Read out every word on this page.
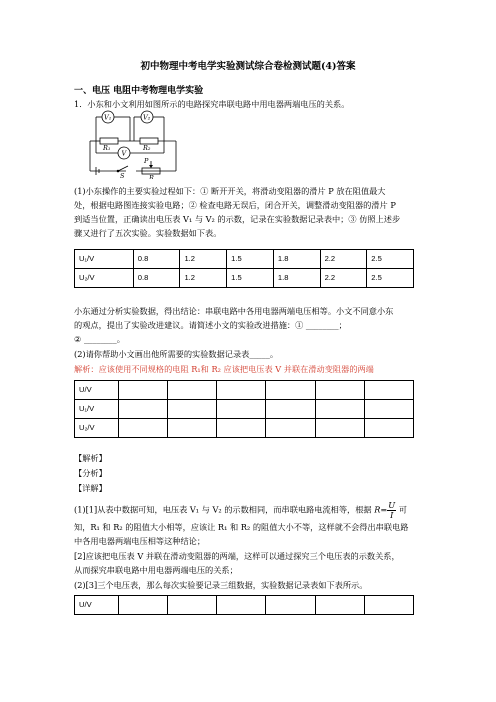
初中物理中考电学实验测试综合卷检测试题(4)答案
一、电压 电阻中考物理电学实验
1．小东和小文利用如图所示的电路探究串联电路中用电器两端电压的关系。
V₁	V₂
V
R₁	R₂
S
P
R
(1)小东操作的主要实验过程如下：① 断开开关，将滑动变阻器的滑片 P 放在阻值最大
处，根据电路图连接实验电路；② 检查电路无误后，闭合开关，调整滑动变阻器的滑片 P
到适当位置，正确读出电压表 V₁ 与 V₂ 的示数，记录在实验数据记录表中；③ 仿照上述步
骤又进行了五次实验。实验数据如下表。
U₁/V	0.8	1.2	1.5	1.8	2.2	2.5
U₂/V	0.8	1.2	1.5	1.8	2.2	2.5
小东通过分析实验数据，得出结论：串联电路中各用电器两端电压相等。小文不同意小东
的观点，提出了实验改进建议。请简述小文的实验改进措施：① ________；
② ________。
(2)请你帮助小文画出他所需要的实验数据记录表_____。
解析：应该使用不同规格的电阻 R₁和 R₂ 应该把电压表 V 并联在滑动变阻器的两端
U/V						
U₁/V						
U₂/V						
【解析】
【分析】
【详解】
(1)[1]从表中数据可知，电压表 V₁ 与 V₂ 的示数相同，而串联电路电流相等，根据 $R= \frac{U}{I}$ 可
知，R₁ 和 R₂ 的阻值大小相等，应该让 R₁ 和 R₂ 的阻值大小不等，这样就不会得出串联电路
中各用电器两端电压相等这种结论；
[2]应该把电压表 V 并联在滑动变阻器的两端，这样可以通过探究三个电压表的示数关系，
从而探究串联电路中用电器两端电压的关系；
(2)[3]三个电压表，那么每次实验要记录三组数据，实验数据记录表如下表所示。
U/V						
